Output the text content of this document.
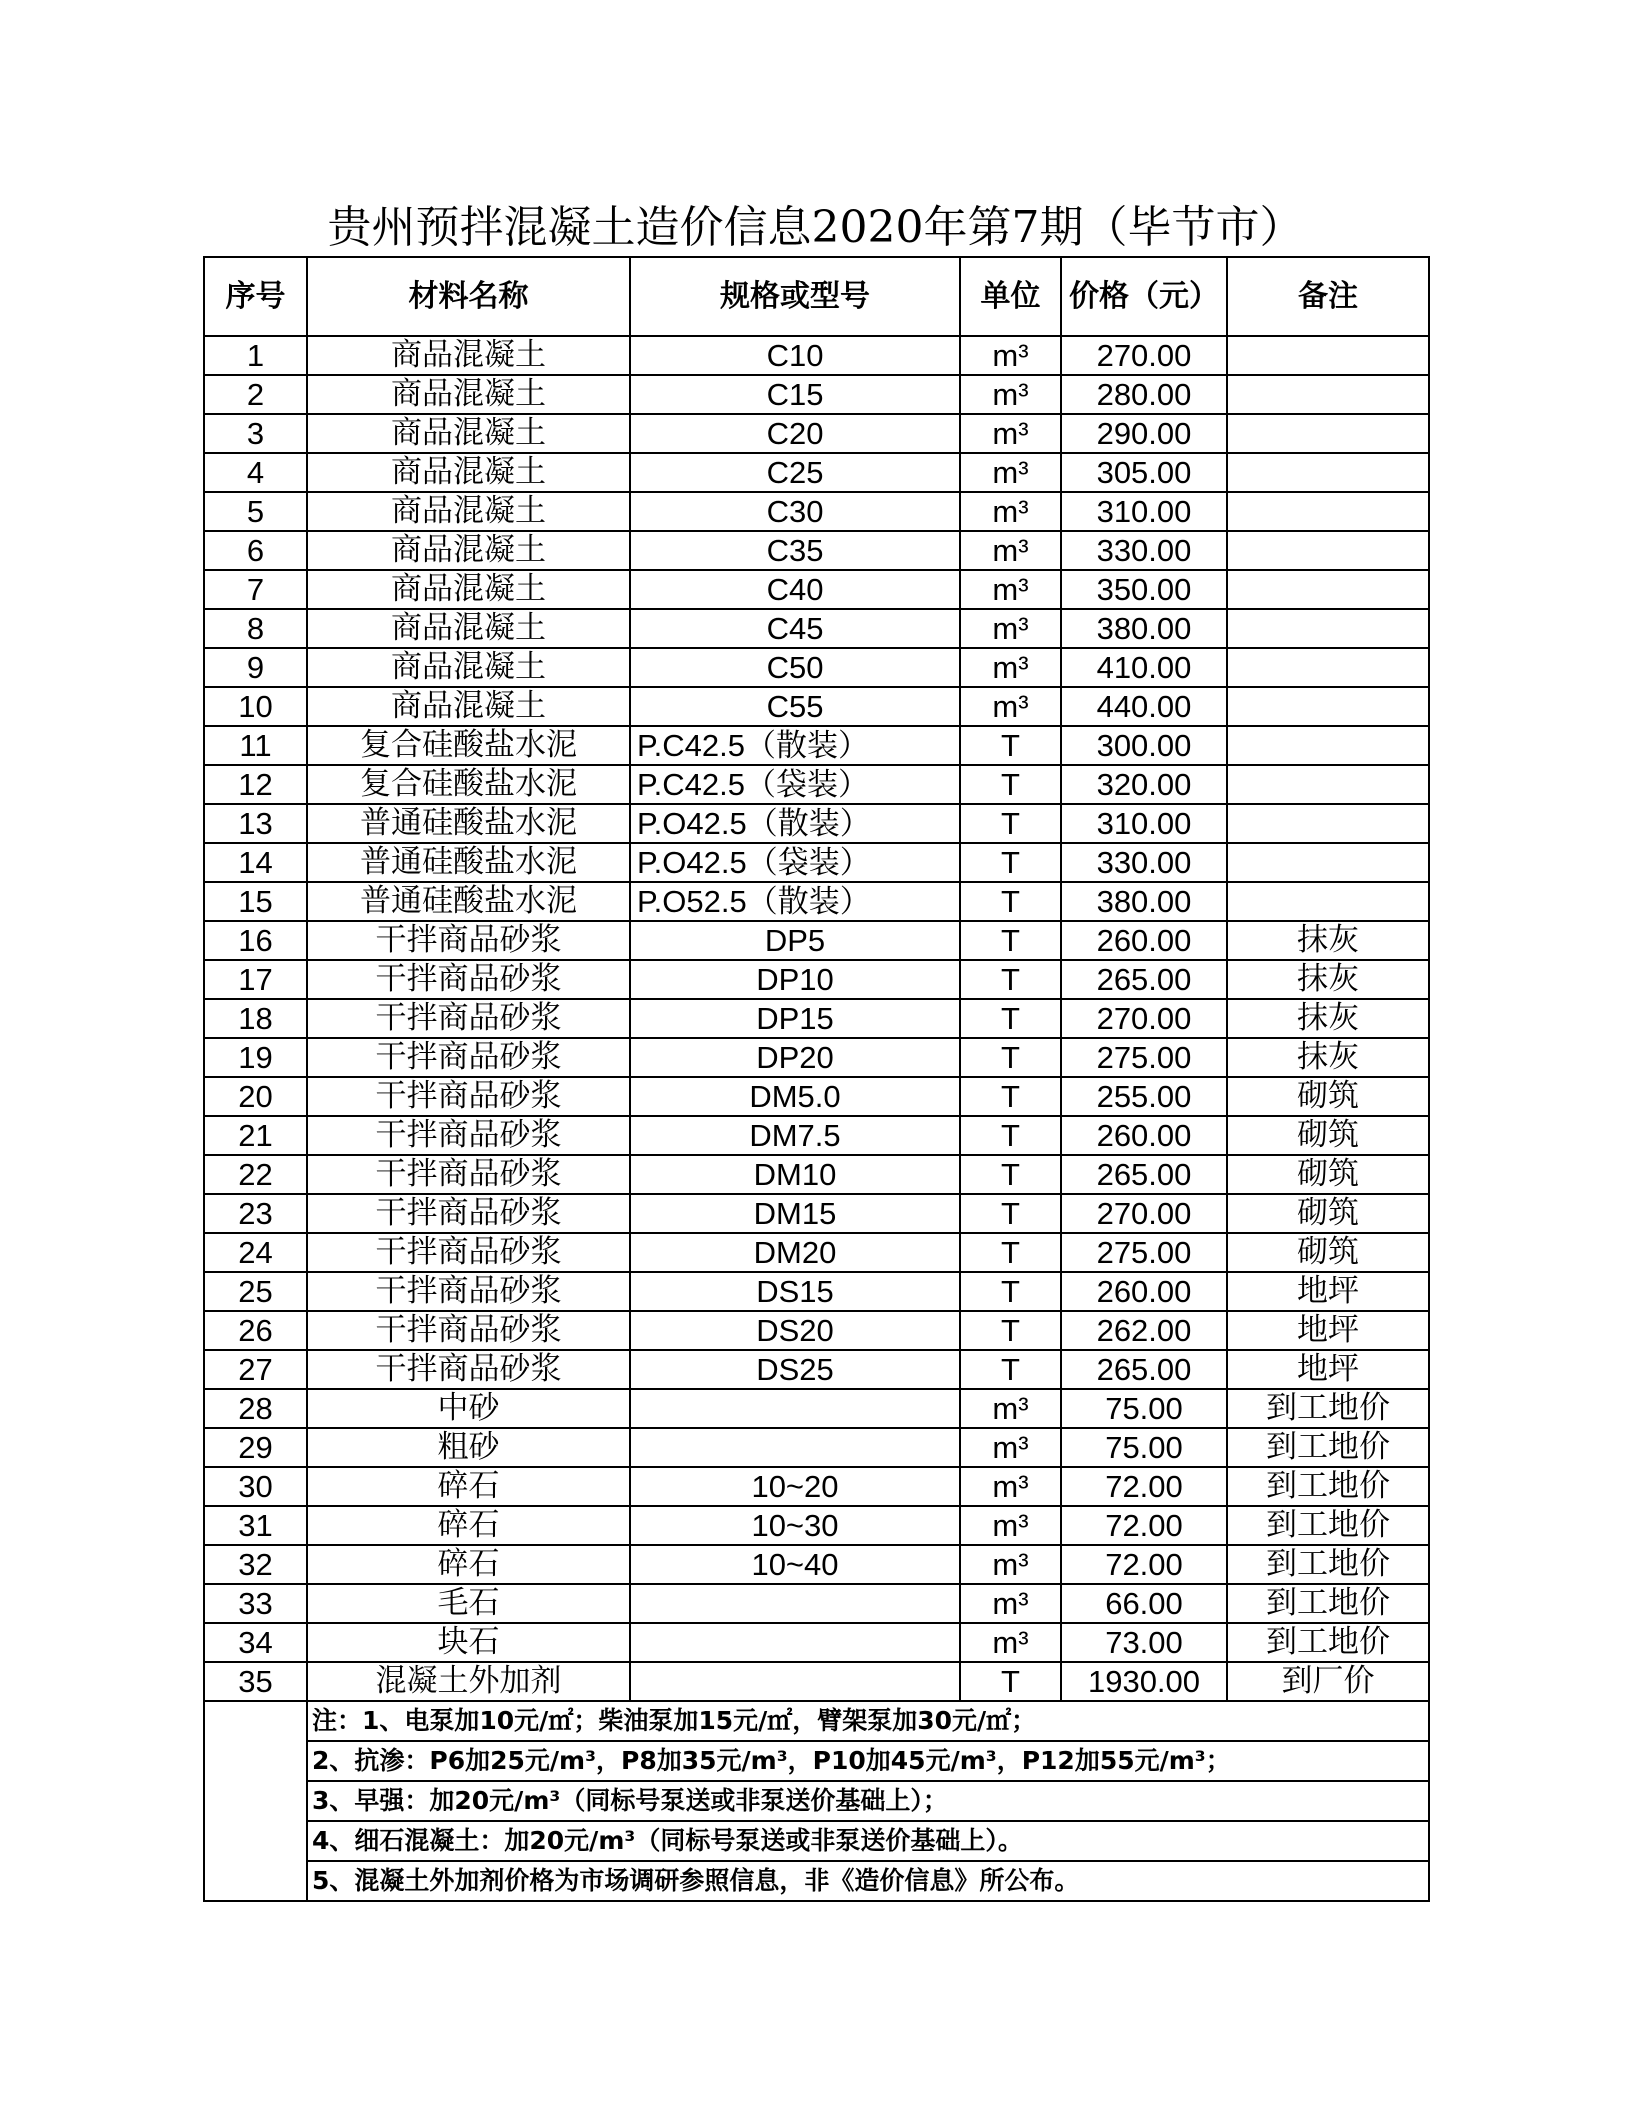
贵州预拌混凝土造价信息2020年第7期（毕节市）
序号	材料名称	规格或型号	单位	价格（元）	备注
1	商品混凝土	C10	m³	270.00	
2	商品混凝土	C15	m³	280.00	
3	商品混凝土	C20	m³	290.00	
4	商品混凝土	C25	m³	305.00	
5	商品混凝土	C30	m³	310.00	
6	商品混凝土	C35	m³	330.00	
7	商品混凝土	C40	m³	350.00	
8	商品混凝土	C45	m³	380.00	
9	商品混凝土	C50	m³	410.00	
10	商品混凝土	C55	m³	440.00	
11	复合硅酸盐水泥	P.C42.5（散装）	T	300.00	
12	复合硅酸盐水泥	P.C42.5（袋装）	T	320.00	
13	普通硅酸盐水泥	P.O42.5（散装）	T	310.00	
14	普通硅酸盐水泥	P.O42.5（袋装）	T	330.00	
15	普通硅酸盐水泥	P.O52.5（散装）	T	380.00	
16	干拌商品砂浆	DP5	T	260.00	抹灰
17	干拌商品砂浆	DP10	T	265.00	抹灰
18	干拌商品砂浆	DP15	T	270.00	抹灰
19	干拌商品砂浆	DP20	T	275.00	抹灰
20	干拌商品砂浆	DM5.0	T	255.00	砌筑
21	干拌商品砂浆	DM7.5	T	260.00	砌筑
22	干拌商品砂浆	DM10	T	265.00	砌筑
23	干拌商品砂浆	DM15	T	270.00	砌筑
24	干拌商品砂浆	DM20	T	275.00	砌筑
25	干拌商品砂浆	DS15	T	260.00	地坪
26	干拌商品砂浆	DS20	T	262.00	地坪
27	干拌商品砂浆	DS25	T	265.00	地坪
28	中砂		m³	75.00	到工地价
29	粗砂		m³	75.00	到工地价
30	碎石	10~20	m³	72.00	到工地价
31	碎石	10~30	m³	72.00	到工地价
32	碎石	10~40	m³	72.00	到工地价
33	毛石		m³	66.00	到工地价
34	块石		m³	73.00	到工地价
35	混凝土外加剂		T	1930.00	到厂价
	注：1、电泵加10元/㎡；柴油泵加15元/㎡，臂架泵加30元/㎡；				
	2、抗渗：P6加25元/m³，P8加35元/m³，P10加45元/m³，P12加55元/m³；				
	3、早强：加20元/m³（同标号泵送或非泵送价基础上）；				
	4、细石混凝土：加20元/m³（同标号泵送或非泵送价基础上）。				
	5、混凝土外加剂价格为市场调研参照信息，非《造价信息》所公布。				
